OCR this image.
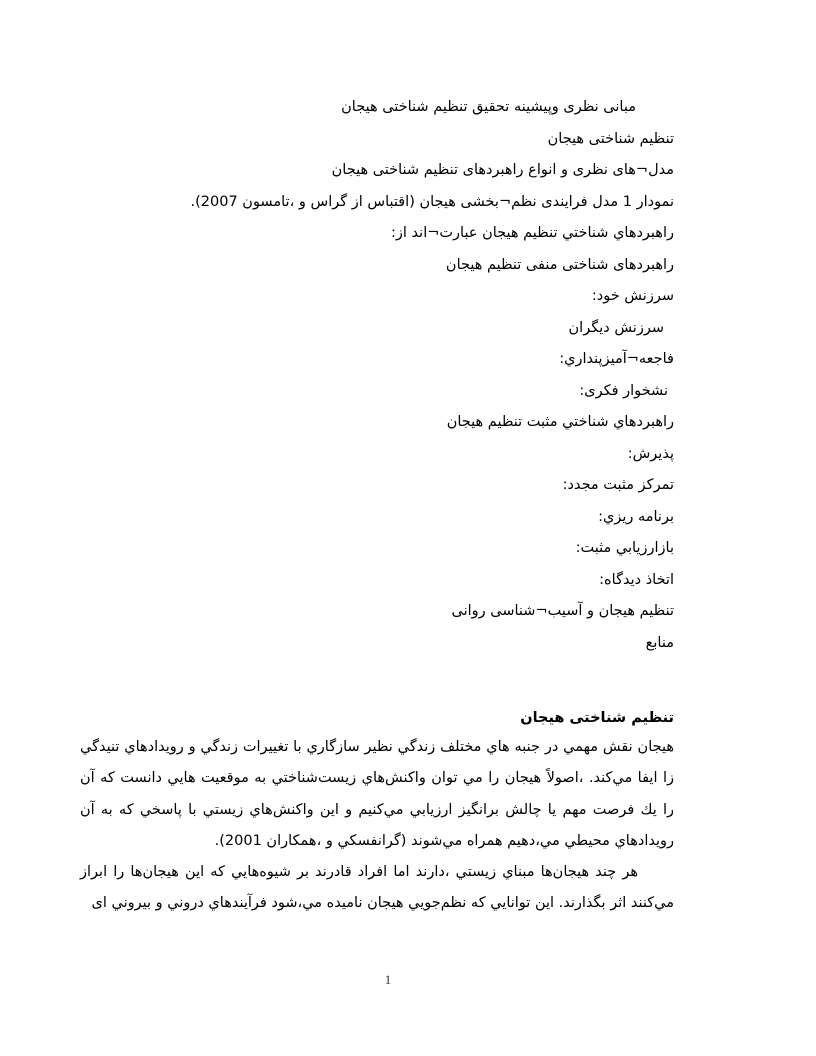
مبانی نظری وپیشینه تحقیق تنظیم شناختی هیجان
تنظیم شناختی هیجان
مدل¬های نظری و انواع راهبردهای تنظیم شناختی هیجان
نمودار 1 مدل فرایندی نظم¬بخشی هیجان (اقتباس از گراس و ،تامسون 2007).
راهبردهاي شناختي تنظيم هيجان عبارت¬اند از:
راهبردهای شناختی منفی تنظیم هیجان
سرزنش خود:
سرزنش ديگران
فاجعه¬آميزپنداري:
نشخوار فکری:
راهبردهاي شناختي مثبت تنظيم هيجان
پذيرش:
تمرکز مثبت مجدد:
برنامه ريزي:
بازارزيابي مثبت:
اتخاذ ديدگاه:
تنظیم هیجان و آسیب¬شناسی روانی
منابع
تنظیم شناختی هیجان

هيجان نقش مهمي در جنبه هاي مختلف زندگي نظير سازگاري با تغييرات زندگي و رويدادهاي تنيدگي زا ايفا مي‌کند. ،اصولاً هيجان را مي توان واکنش‌هاي زيست‌شناختي به موقعيت هايي دانست که آن را يك فرصت مهم يا چالش برانگيز ارزيابي مي‌کنيم و اين واکنش‌هاي زيستي با پاسخي که به آن رويدادهاي محيطي مي،دهيم همراه مي‌شوند (گرانفسكي و ،همكاران 2001).

هر چند هيجان‌ها مبناي زيستي ،دارند اما افراد قادرند بر شيوه‌هايي که اين هيجان‌ها را ابراز مي‌کنند اثر بگذارند. اين توانايي که نظم‌جويي هيجان ناميده مي،شود فرآيندهاي دروني و بيروني ای

1
